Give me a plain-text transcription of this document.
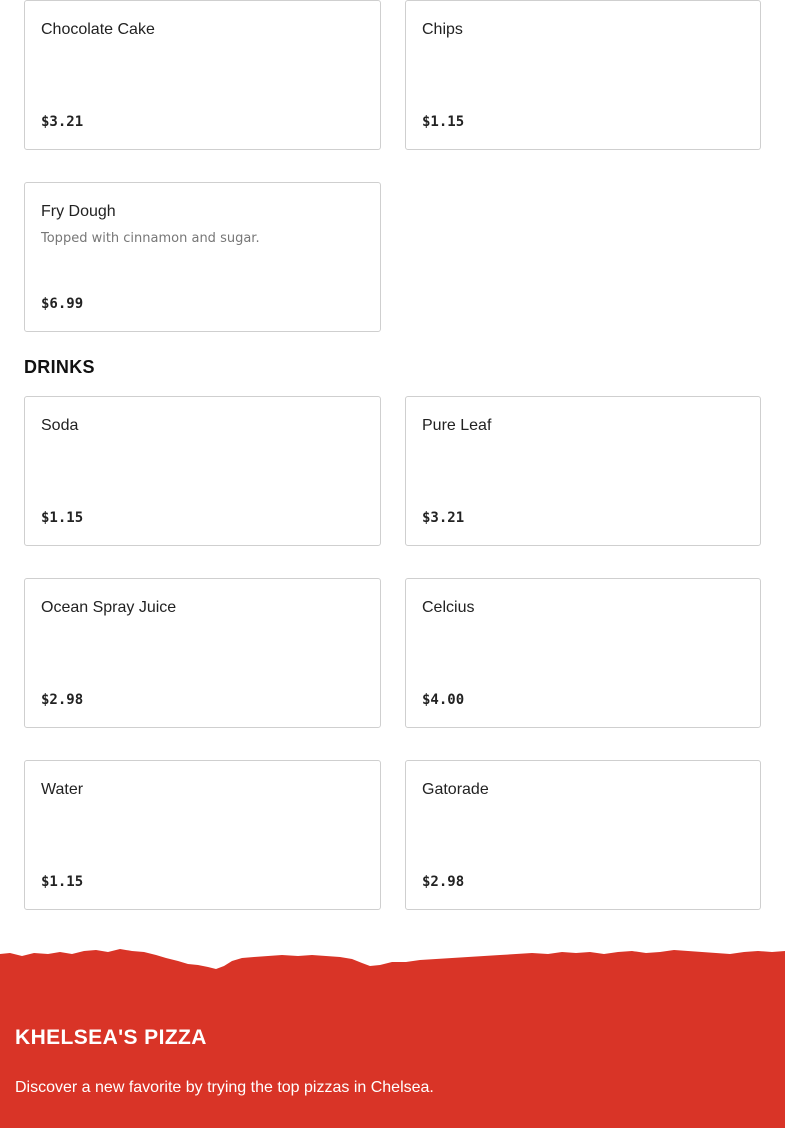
Chocolate Cake
$3.21
Chips
$1.15
Fry Dough
Topped with cinnamon and sugar.
$6.99
DRINKS
Soda
$1.15
Pure Leaf
$3.21
Ocean Spray Juice
$2.98
Celcius
$4.00
Water
$1.15
Gatorade
$2.98
KHELSEA'S PIZZA
Discover a new favorite by trying the top pizzas in Chelsea.
